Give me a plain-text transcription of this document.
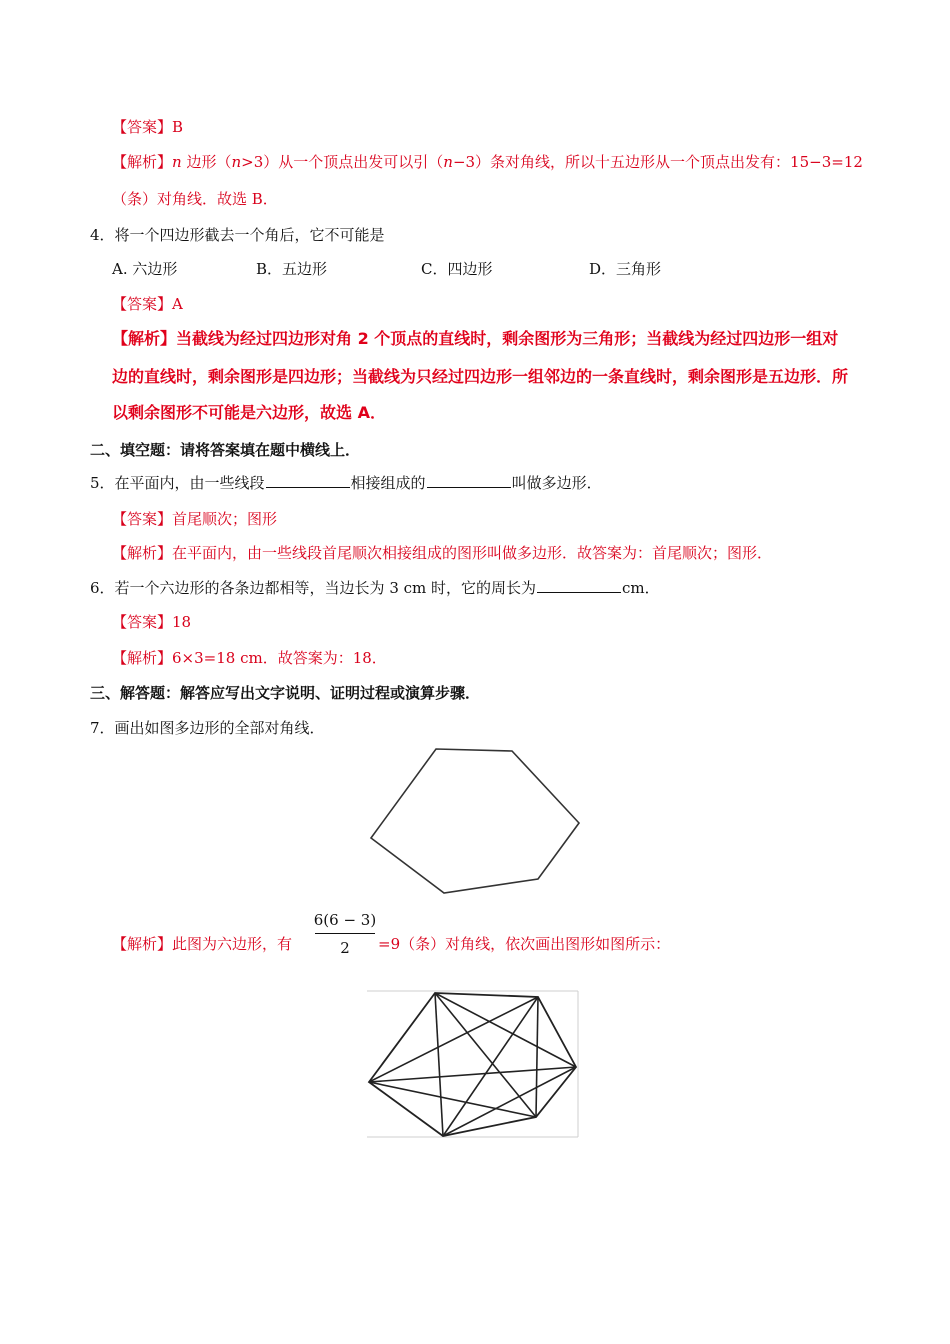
【答案】B
【解析】n 边形（n>3）从一个顶点出发可以引（n−3）条对角线，所以十五边形从一个顶点出发有：15−3=12
（条）对角线．故选 B．
4．将一个四边形截去一个角后，它不可能是
A. 六边形	B．五边形	C．四边形	D．三角形
【答案】A
【解析】当截线为经过四边形对角 2 个顶点的直线时，剩余图形为三角形；当截线为经过四边形一组对
边的直线时，剩余图形是四边形；当截线为只经过四边形一组邻边的一条直线时，剩余图形是五边形．所
以剩余图形不可能是六边形，故选 A．
二、填空题：请将答案填在题中横线上．
5．在平面内，由一些线段	相接组成的	叫做多边形．
【答案】首尾顺次；图形
【解析】在平面内，由一些线段首尾顺次相接组成的图形叫做多边形．故答案为：首尾顺次；图形．
6．若一个六边形的各条边都相等，当边长为 3 cm 时，它的周长为	cm．
【答案】18
【解析】6×3=18 cm．故答案为：18．
三、解答题：解答应写出文字说明、证明过程或演算步骤．
7．画出如图多边形的全部对角线．
【解析】此图为六边形，有
6(6 − 3)
2	=9（条）对角线，依次画出图形如图所示：
